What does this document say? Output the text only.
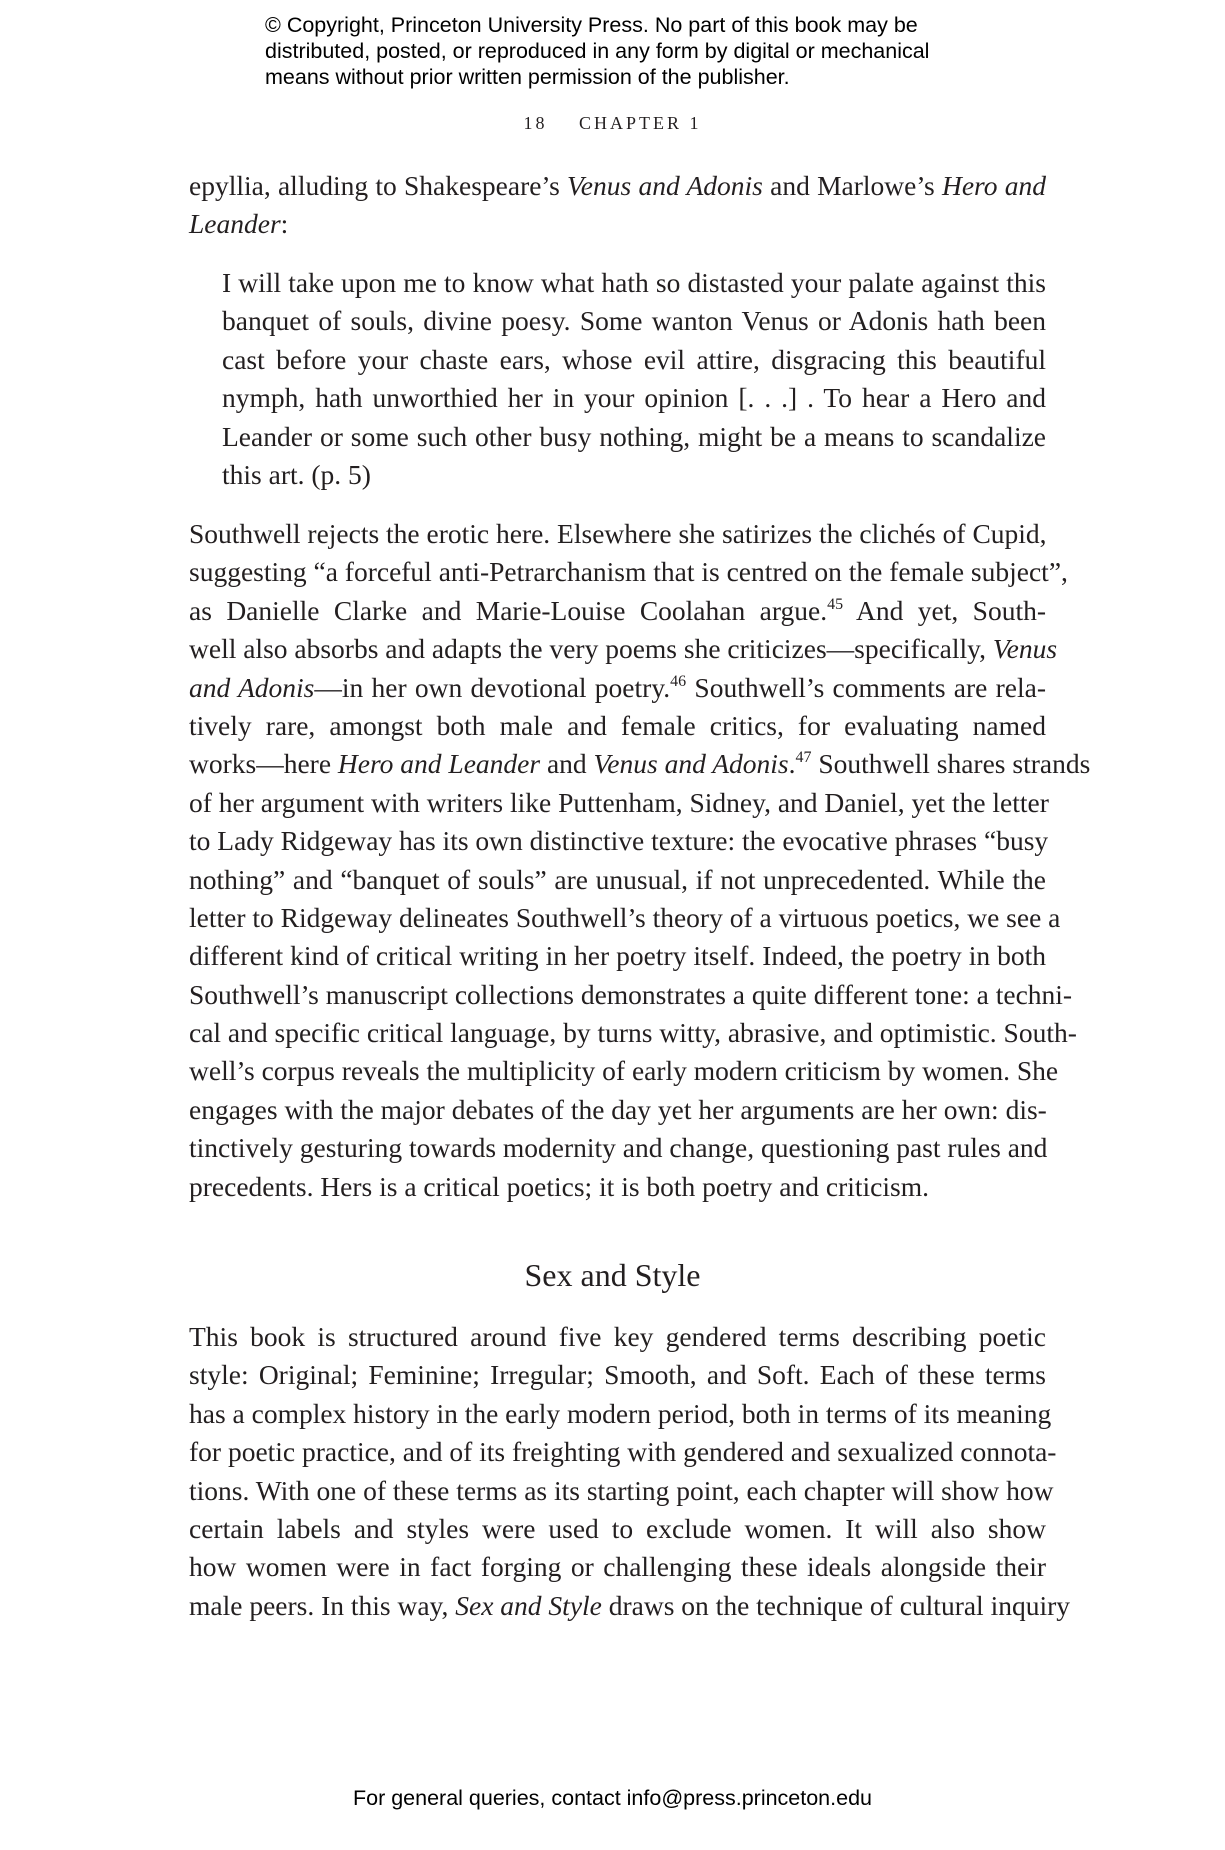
© Copyright, Princeton University Press. No part of this book may be
distributed, posted, or reproduced in any form by digital or mechanical
means without prior written permission of the publisher.
18 CHAPTER 1
epyllia, alluding to Shakespeare’s Venus and Adonis and Marlowe’s Hero and
Leander:
I will take upon me to know what hath so distasted your palate against this
banquet of souls, divine poesy. Some wanton Venus or Adonis hath been
cast before your chaste ears, whose evil attire, disgracing this beautiful
nymph, hath unworthied her in your opinion [. . .] . To hear a Hero and
Leander or some such other busy nothing, might be a means to scandalize
this art. (p. 5)
Southwell rejects the erotic here. Elsewhere she satirizes the clichés of Cupid,
suggesting “a forceful anti-Petrarchanism that is centred on the female subject”,
as Danielle Clarke and Marie-Louise Coolahan argue.$^{45}$ And yet, South-
well also absorbs and adapts the very poems she criticizes—specifically, Venus
and Adonis—in her own devotional poetry.$^{46}$ Southwell’s comments are rela-
tively rare, amongst both male and female critics, for evaluating named
works—here Hero and Leander and Venus and Adonis.$^{47}$ Southwell shares strands
of her argument with writers like Puttenham, Sidney, and Daniel, yet the letter
to Lady Ridgeway has its own distinctive texture: the evocative phrases “busy
nothing” and “banquet of souls” are unusual, if not unprecedented. While the
letter to Ridgeway delineates Southwell’s theory of a virtuous poetics, we see a
different kind of critical writing in her poetry itself. Indeed, the poetry in both
Southwell’s manuscript collections demonstrates a quite different tone: a techni-
cal and specific critical language, by turns witty, abrasive, and optimistic. South-
well’s corpus reveals the multiplicity of early modern criticism by women. She
engages with the major debates of the day yet her arguments are her own: dis-
tinctively gesturing towards modernity and change, questioning past rules and
precedents. Hers is a critical poetics; it is both poetry and criticism.
Sex and Style
This book is structured around five key gendered terms describing poetic
style: Original; Feminine; Irregular; Smooth, and Soft. Each of these terms
has a complex history in the early modern period, both in terms of its meaning
for poetic practice, and of its freighting with gendered and sexualized connota-
tions. With one of these terms as its starting point, each chapter will show how
certain labels and styles were used to exclude women. It will also show
how women were in fact forging or challenging these ideals alongside their
male peers. In this way, Sex and Style draws on the technique of cultural inquiry
For general queries, contact info@press.princeton.edu
